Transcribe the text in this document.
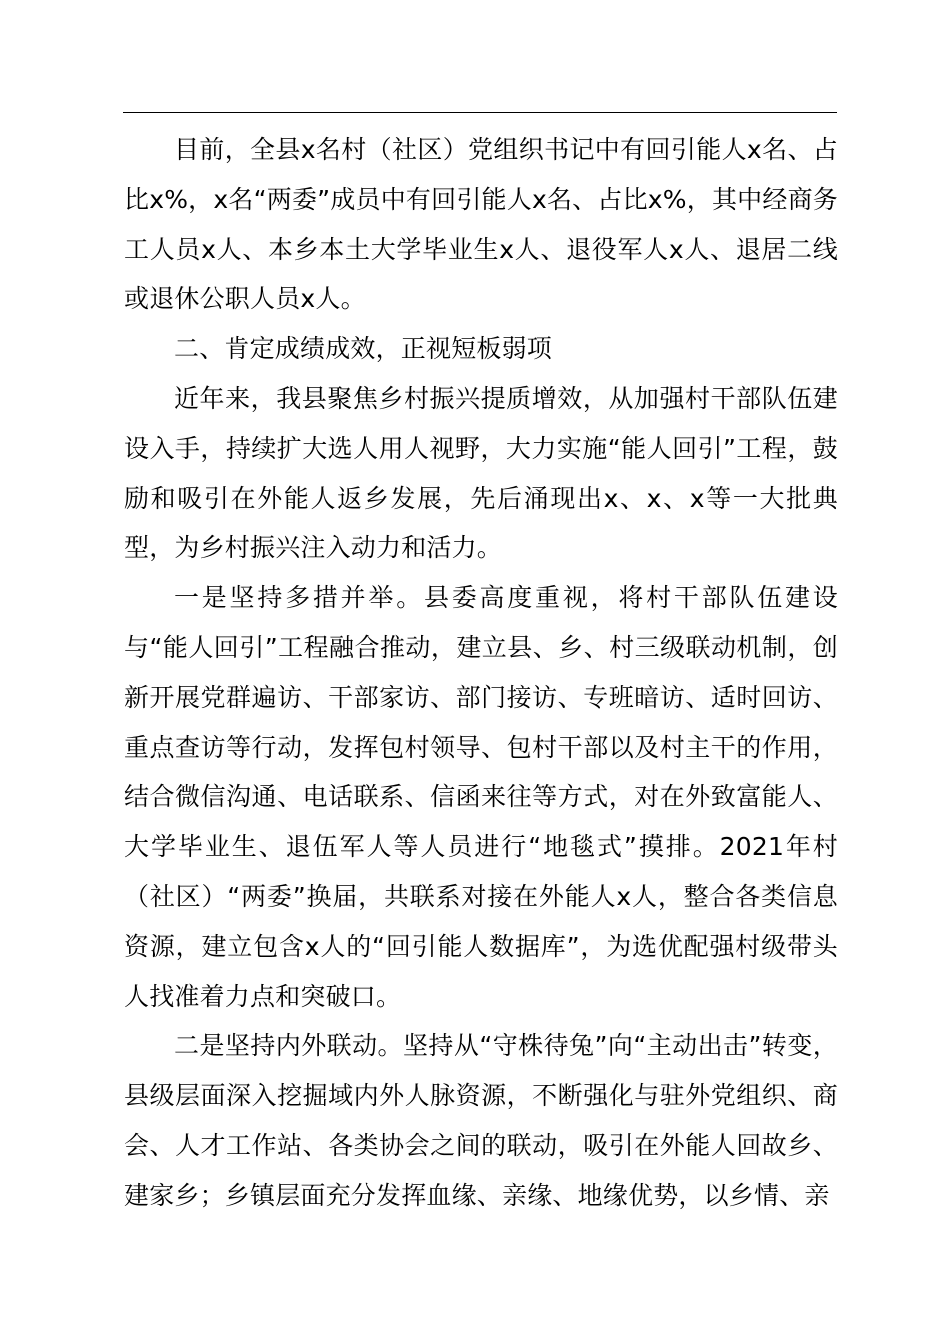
目前，全县x名村（社区）党组织书记中有回引能人x名、占比x%，x名“两委”成员中有回引能人x名、占比x%，其中经商务工人员x人、本乡本土大学毕业生x人、退役军人x人、退居二线或退休公职人员x人。

二、肯定成绩成效，正视短板弱项

近年来，我县聚焦乡村振兴提质增效，从加强村干部队伍建设入手，持续扩大选人用人视野，大力实施“能人回引”工程，鼓励和吸引在外能人返乡发展，先后涌现出x、x、x等一大批典型，为乡村振兴注入动力和活力。

一是坚持多措并举。县委高度重视，将村干部队伍建设与“能人回引”工程融合推动，建立县、乡、村三级联动机制，创新开展党群遍访、干部家访、部门接访、专班暗访、适时回访、重点查访等行动，发挥包村领导、包村干部以及村主干的作用，结合微信沟通、电话联系、信函来往等方式，对在外致富能人、大学毕业生、退伍军人等人员进行“地毯式”摸排。2021年村（社区）“两委”换届，共联系对接在外能人x人，整合各类信息资源，建立包含x人的“回引能人数据库”，为选优配强村级带头人找准着力点和突破口。

二是坚持内外联动。坚持从“守株待兔”向“主动出击”转变，县级层面深入挖掘域内外人脉资源，不断强化与驻外党组织、商会、人才工作站、各类协会之间的联动，吸引在外能人回故乡、建家乡；乡镇层面充分发挥血缘、亲缘、地缘优势，以乡情、亲
